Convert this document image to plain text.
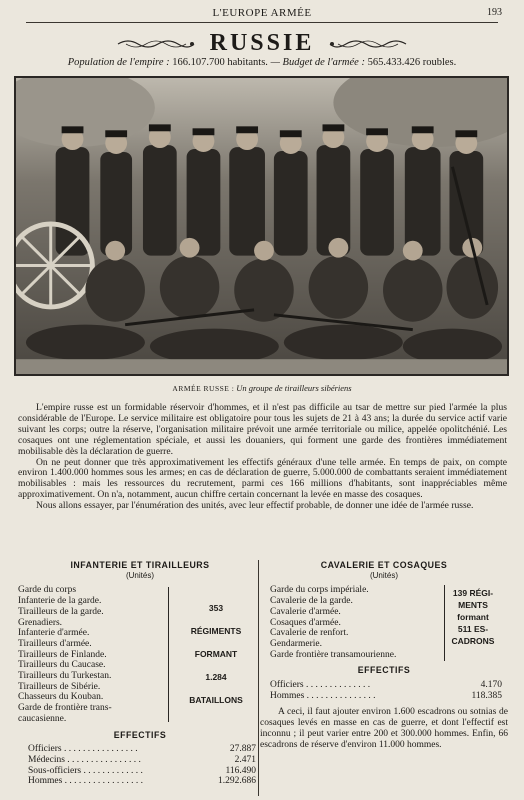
L'EUROPE ARMÉE	193
RUSSIE
Population de l'empire : 166.107.700 habitants. — Budget de l'armée : 565.433.426 roubles.
ARMÉE RUSSE : Un groupe de tirailleurs sibériens

L'empire russe est un formidable réservoir d'hommes, et il n'est pas difficile au tsar de mettre sur pied l'armée la plus considérable de l'Europe. Le service militaire est obligatoire pour tous les sujets de 21 à 43 ans; la durée du service actif varie suivant les corps; outre la réserve, l'organisation militaire prévoit une armée territoriale ou milice, appelée opolitchénié. Les cosaques ont une réglementation spéciale, et aussi les douaniers, qui forment une garde des frontières immédiatement mobilisable dès la déclaration de guerre.

On ne peut donner que très approximativement les effectifs généraux d'une telle armée. En temps de paix, on compte environ 1.400.000 hommes sous les armes; en cas de déclaration de guerre, 5.000.000 de combattants seraient immédiatement mobilisables : mais les ressources du recrutement, parmi ces 166 millions d'habitants, sont inappréciables même approximativement. On n'a, notamment, aucun chiffre certain concernant la levée en masse des cosaques.

Nous allons essayer, par l'énumération des unités, avec leur effectif probable, de donner une idée de l'armée russe.

INFANTERIE ET TIRAILLEURS
(Unités)
Garde du corps
Infanterie de la garde.
Tirailleurs de la garde.
Grenadiers.
Infanterie d'armée.
Tirailleurs d'armée.
Tirailleurs de Finlande.
Tirailleurs du Caucase.
Tirailleurs du Turkestan.
Tirailleurs de Sibérie.
Chasseurs du Kouban.
Garde de frontière trans-
caucasienne.
353
RÉGIMENTS
FORMANT
1.284
BATAILLONS
EFFECTIFS
Officiers . . . . . . . . . . . . . . . .	27.887
Médecins . . . . . . . . . . . . . . . .	2.471
Sous-officiers . . . . . . . . . . . . .	116.490
Hommes . . . . . . . . . . . . . . . . .	1.292.686
CAVALERIE ET COSAQUES
(Unités)
Garde du corps impériale.
Cavalerie de la garde.
Cavalerie d'armée.
Cosaques d'armée.
Cavalerie de renfort.
Gendarmerie.
Garde frontière transamourienne.
139 RÉGI-
MENTS
formant
511 ES-
CADRONS
EFFECTIFS
Officiers . . . . . . . . . . . . . .	4.170
Hommes . . . . . . . . . . . . . . .	118.385

A ceci, il faut ajouter environ 1.600 escadrons ou sotnias de cosaques levés en masse en cas de guerre, et dont l'effectif est inconnu ; il peut varier entre 200 et 300.000 hommes. Enfin, 66 escadrons de réserve d'environ 11.000 hommes.
